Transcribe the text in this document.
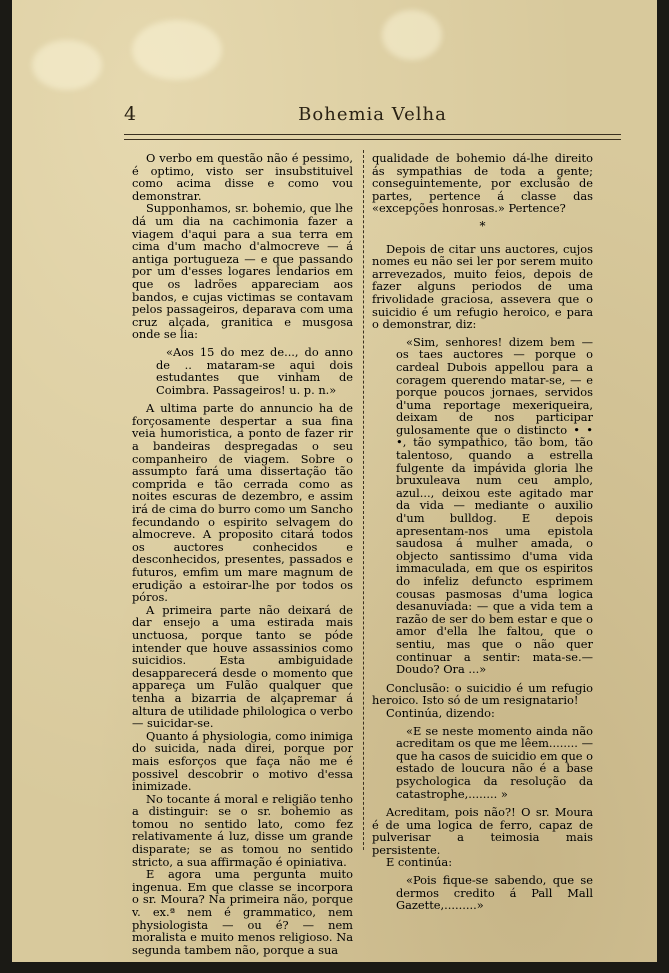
4	Bohemia Velha

O verbo em questão não é pessimo, é optimo, visto ser insubstituivel como acima disse e como vou demonstrar.

Supponhamos, sr. bohemio, que lhe dá um dia na cachimonia fazer a viagem d'aqui para a sua terra em cima d'um macho d'almocreve — á antiga portugueza — e que passando por um d'esses logares lendarios em que os ladrões appareciam aos bandos, e cujas victimas se contavam pelos passageiros, deparava com uma cruz alçada, granitica e musgosa onde se lia:

«Aos 15 do mez de..., do anno de .. mataram-se aqui dois estudantes que vinham de Coimbra. Passageiros! u. p. n.»

A ultima parte do annuncio ha de forçosamente despertar a sua fina veia humoristica, a ponto de fazer rir a bandeiras despregadas o seu companheiro de viagem. Sobre o assumpto fará uma dissertação tão comprida e tão cerrada como as noites escuras de dezembro, e assim irá de cima do burro como um Sancho fecundando o espirito selvagem do almocreve. A proposito citará todos os auctores conhecidos e desconhecidos, presentes, passados e futuros, emfim um mare magnum de erudição a estoirar-lhe por todos os póros.

A primeira parte não deixará de dar ensejo a uma estirada mais unctuosa, porque tanto se póde intender que houve assassinios como suicidios. Esta ambiguidade desapparecerá desde o momento que appareça um Fulão qualquer que tenha a bizarria de alçapremar á altura de utilidade philologica o verbo — suicidar-se.

Quanto á physiologia, como inimiga do suicida, nada direi, porque por mais esforços que faça não me é possivel descobrir o motivo d'essa inimizade.

No tocante á moral e religião tenho a distinguir: se o sr. bohemio as tomou no sentido lato, como fez relativamente á luz, disse um grande disparate; se as tomou no sentido stricto, a sua affirmação é opiniativa.

E agora uma pergunta muito ingenua. Em que classe se incorpora o sr. Moura? Na primeira não, porque v. ex.ª nem é grammatico, nem physiologista — ou é? — nem moralista e muito menos religioso. Na segunda tambem não, porque a sua

qualidade de bohemio dá-lhe direito ás sympathias de toda a gente; conseguintemente, por exclusão de partes, pertence á classe das «excepções honrosas.» Pertence?

*

Depois de citar uns auctores, cujos nomes eu não sei ler por serem muito arrevezados, muito feios, depois de fazer alguns periodos de uma frivolidade graciosa, assevera que o suicidio é um refugio heroico, e para o demonstrar, diz:

«Sim, senhores! dizem bem — os taes auctores — porque o cardeal Dubois appellou para a coragem querendo matar-se, — e porque poucos jornaes, servidos d'uma reportage mexeriqueira, deixam de nos participar gulosamente que o distincto • • •, tão sympathico, tão bom, tão talentoso, quando a estrella fulgente da impávida gloria lhe bruxuleava num ceu amplo, azul..., deixou este agitado mar da vida — mediante o auxilio d'um bulldog. E depois apresentam-nos uma epistola saudosa á mulher amada, o objecto santissimo d'uma vida immaculada, em que os espiritos do infeliz defuncto esprimem cousas pasmosas d'uma logica desanuviada: — que a vida tem a razão de ser do bem estar e que o amor d'ella lhe faltou, que o sentiu, mas que o não quer continuar a sentir: mata-se.—Doudo? Ora ...»

Conclusão: o suicidio é um refugio heroico. Isto só de um resignatario!

Continúa, dizendo:

«E se neste momento ainda não acreditam os que me lêem........ — que ha casos de suicidio em que o estado de loucura não é a base psychologica da resolução da catastrophe,........ »

Acreditam, pois não?! O sr. Moura é de uma logica de ferro, capaz de pulverisar a teimosia mais persistente.

E continúa:

«Pois fique-se sabendo, que se dermos credito á Pall Mall Gazette,.........»
